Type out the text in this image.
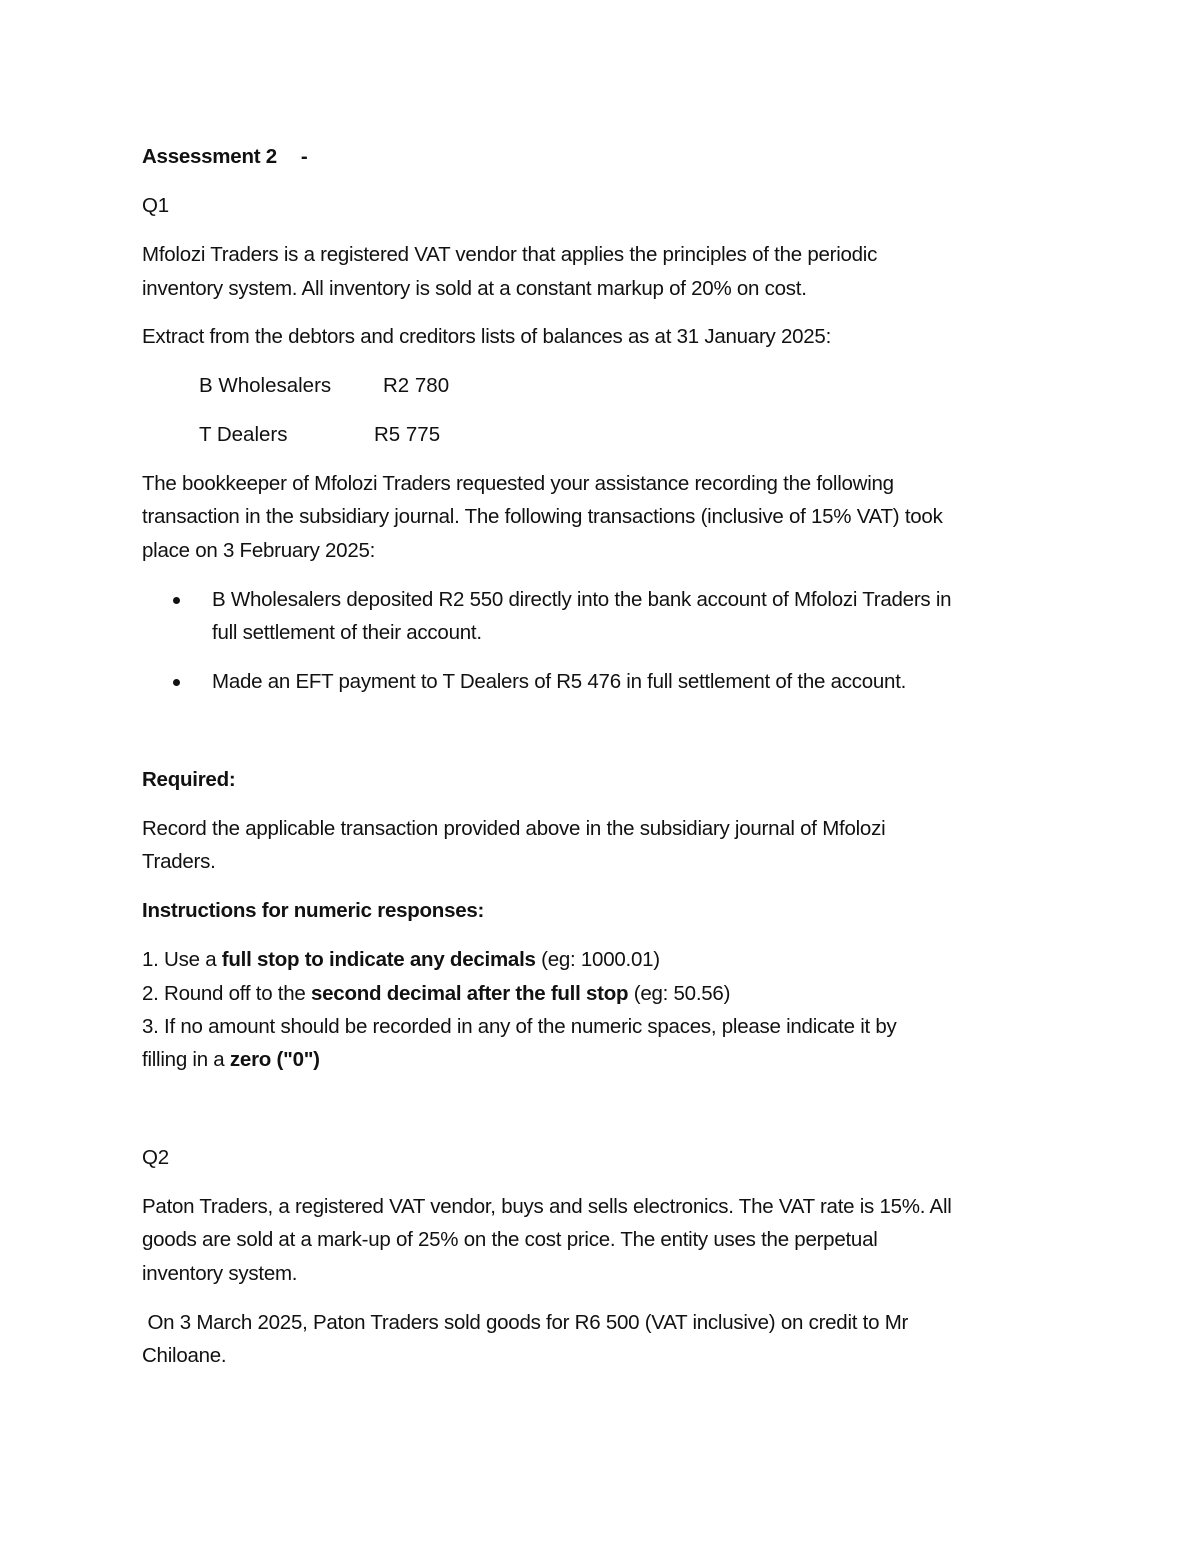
Assessment 2 -
Q1
Mfolozi Traders is a registered VAT vendor that applies the principles of the periodic
inventory system. All inventory is sold at a constant markup of 20% on cost.
Extract from the debtors and creditors lists of balances as at 31 January 2025:
B Wholesalers	R2 780
T Dealers	R5 775
The bookkeeper of Mfolozi Traders requested your assistance recording the following
transaction in the subsidiary journal. The following transactions (inclusive of 15% VAT) took
place on 3 February 2025:
B Wholesalers deposited R2 550 directly into the bank account of Mfolozi Traders in
full settlement of their account.
Made an EFT payment to T Dealers of R5 476 in full settlement of the account.
Required:
Record the applicable transaction provided above in the subsidiary journal of Mfolozi
Traders.
Instructions for numeric responses:
1. Use a full stop to indicate any decimals (eg: 1000.01)
2. Round off to the second decimal after the full stop (eg: 50.56)
3. If no amount should be recorded in any of the numeric spaces, please indicate it by
filling in a zero ("0")
Q2
Paton Traders, a registered VAT vendor, buys and sells electronics. The VAT rate is 15%. All
goods are sold at a mark-up of 25% on the cost price. The entity uses the perpetual
inventory system.
On 3 March 2025, Paton Traders sold goods for R6 500 (VAT inclusive) on credit to Mr
Chiloane.
